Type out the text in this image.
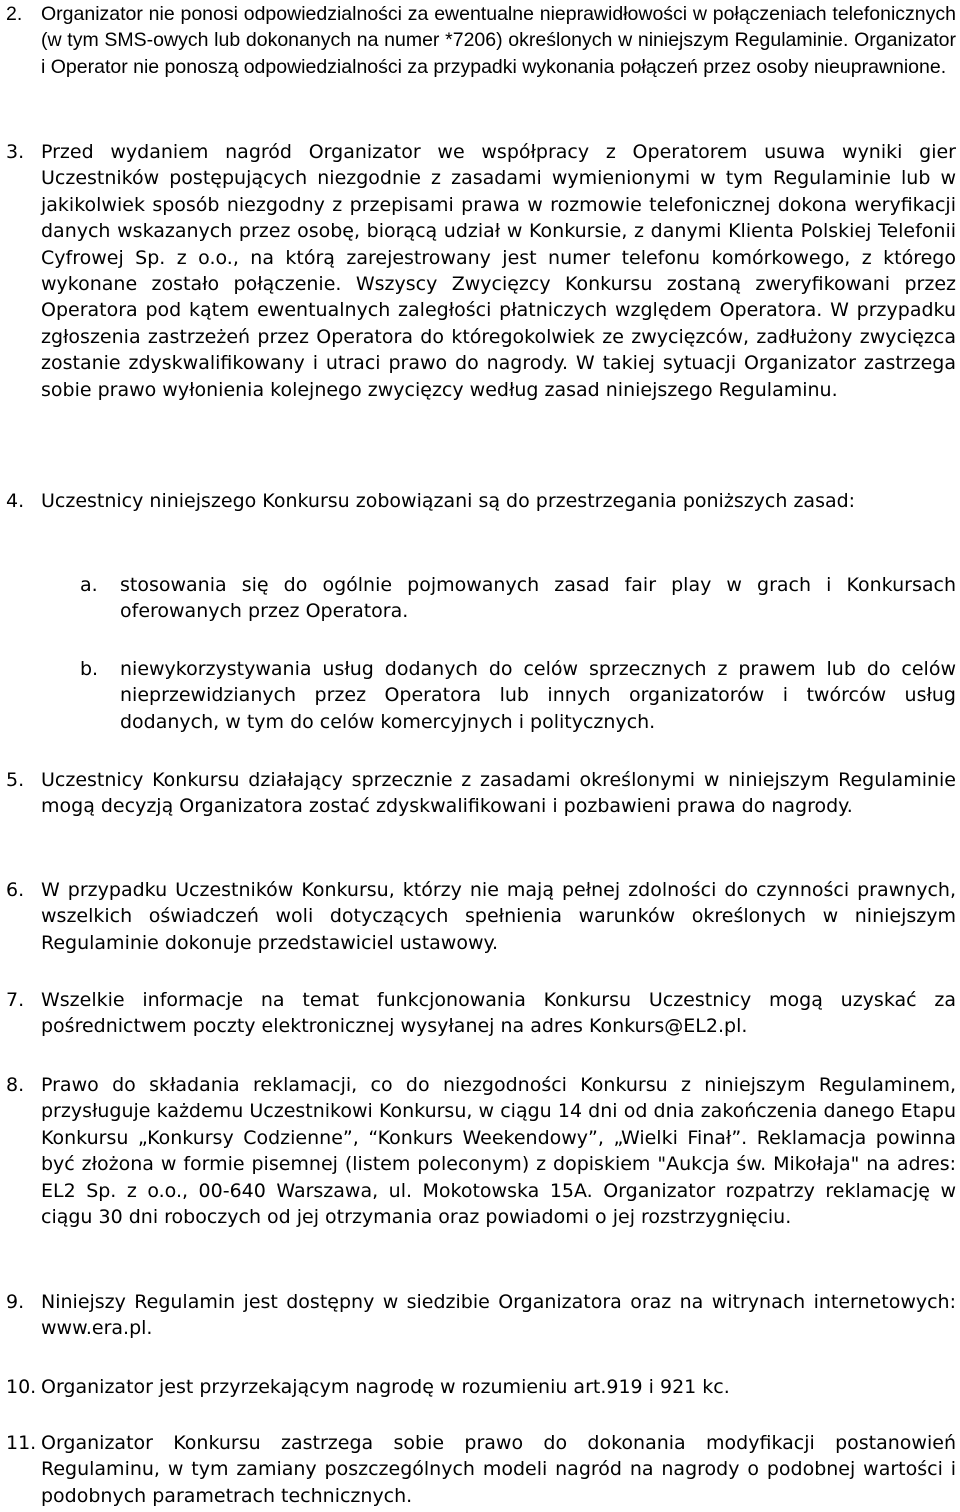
2. Organizator nie ponosi odpowiedzialności za ewentualne nieprawidłowości w połączeniach telefonicznych (w tym SMS-owych lub dokonanych na numer *7206) określonych w niniejszym Regulaminie. Organizator i Operator nie ponoszą odpowiedzialności za przypadki wykonania połączeń przez osoby nieuprawnione.
3. Przed wydaniem nagród Organizator we współpracy z Operatorem usuwa wyniki gier Uczestników postępujących niezgodnie z zasadami wymienionymi w tym Regulaminie lub w jakikolwiek sposób niezgodny z przepisami prawa w rozmowie telefonicznej dokona weryfikacji danych wskazanych przez osobę, biorącą udział w Konkursie, z danymi Klienta Polskiej Telefonii Cyfrowej Sp. z o.o., na którą zarejestrowany jest numer telefonu komórkowego, z którego wykonane zostało połączenie. Wszyscy Zwycięzcy Konkursu zostaną zweryfikowani przez Operatora pod kątem ewentualnych zaległości płatniczych względem Operatora. W przypadku zgłoszenia zastrzeżeń przez Operatora do któregokolwiek ze zwycięzców, zadłużony zwycięzca zostanie zdyskwalifikowany i utraci prawo do nagrody. W takiej sytuacji Organizator zastrzega sobie prawo wyłonienia kolejnego zwycięzcy według zasad niniejszego Regulaminu.
4. Uczestnicy niniejszego Konkursu zobowiązani są do przestrzegania poniższych zasad:
a.	stosowania się do ogólnie pojmowanych zasad fair play w grach i Konkursach oferowanych przez Operatora.
b.	niewykorzystywania usług dodanych do celów sprzecznych z prawem lub do celów nieprzewidzianych przez Operatora lub innych organizatorów i twórców usług dodanych, w tym do celów komercyjnych i politycznych.
5. Uczestnicy Konkursu działający sprzecznie z zasadami określonymi w niniejszym Regulaminie mogą decyzją Organizatora zostać zdyskwalifikowani i pozbawieni prawa do nagrody.
6. W przypadku Uczestników Konkursu, którzy nie mają pełnej zdolności do czynności prawnych, wszelkich oświadczeń woli dotyczących spełnienia warunków określonych w niniejszym Regulaminie dokonuje przedstawiciel ustawowy.
7. Wszelkie informacje na temat funkcjonowania Konkursu Uczestnicy mogą uzyskać za pośrednictwem poczty elektronicznej wysyłanej na adres Konkurs@EL2.pl.
8. Prawo do składania reklamacji, co do niezgodności Konkursu z niniejszym Regulaminem, przysługuje każdemu Uczestnikowi Konkursu, w ciągu 14 dni od dnia zakończenia danego Etapu Konkursu „Konkursy Codzienne”, “Konkurs Weekendowy”, „Wielki Finał”. Reklamacja powinna być złożona w formie pisemnej (listem poleconym) z dopiskiem "Aukcja św. Mikołaja" na adres: EL2 Sp. z o.o., 00-640 Warszawa, ul. Mokotowska 15A. Organizator rozpatrzy reklamację w ciągu 30 dni roboczych od jej otrzymania oraz powiadomi o jej rozstrzygnięciu.
9. Niniejszy Regulamin jest dostępny w siedzibie Organizatora oraz na witrynach internetowych: www.era.pl.
10. Organizator jest przyrzekającym nagrodę w rozumieniu art.919 i 921 kc.
11. Organizator Konkursu zastrzega sobie prawo do dokonania modyfikacji postanowień Regulaminu, w tym zamiany poszczególnych modeli nagród na nagrody o podobnej wartości i podobnych parametrach technicznych.
